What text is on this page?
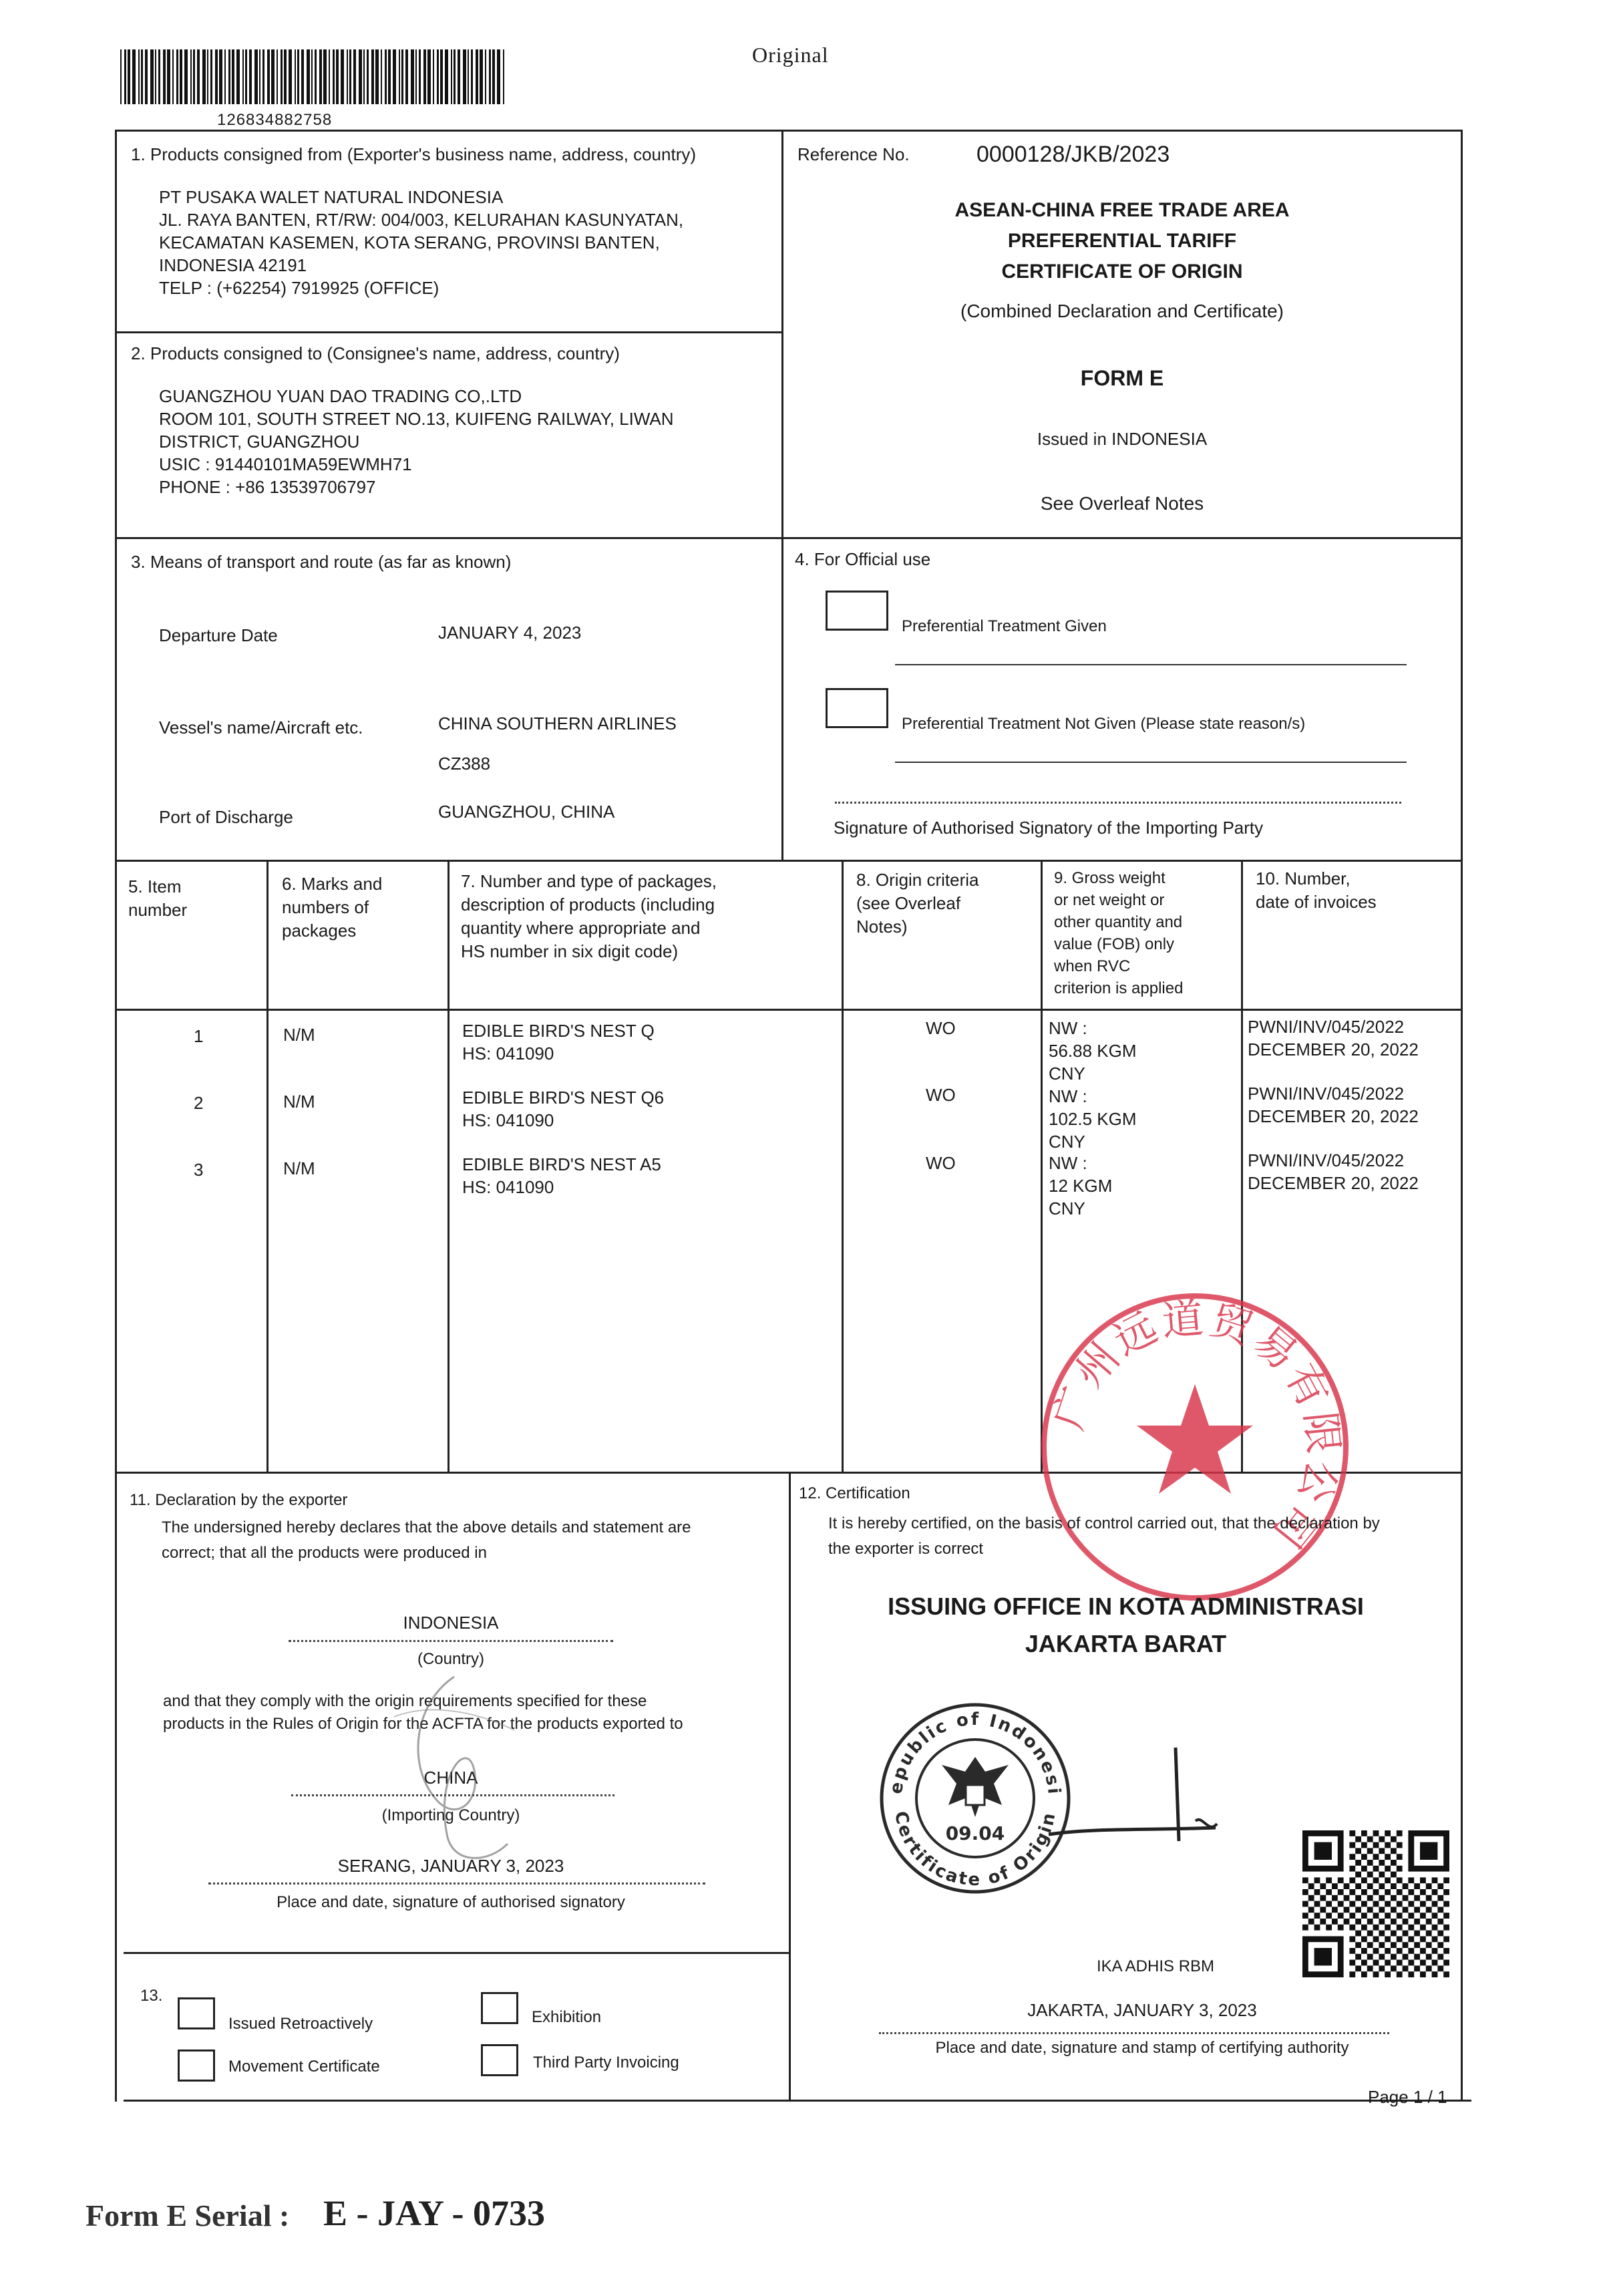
126834882758
Original
1. Products consigned from (Exporter's business name, address, country)
PT PUSAKA WALET NATURAL INDONESIA
JL. RAYA BANTEN, RT/RW: 004/003, KELURAHAN KASUNYATAN,
KECAMATAN KASEMEN, KOTA SERANG, PROVINSI BANTEN,
INDONESIA 42191
TELP : (+62254) 7919925 (OFFICE)
Reference No.	0000128/JKB/2023
ASEAN-CHINA FREE TRADE AREA
PREFERENTIAL TARIFF
CERTIFICATE OF ORIGIN
(Combined Declaration and Certificate)
FORM E
Issued in INDONESIA
See Overleaf Notes
2. Products consigned to (Consignee's name, address, country)
GUANGZHOU YUAN DAO TRADING CO,.LTD
ROOM 101, SOUTH STREET NO.13, KUIFENG RAILWAY, LIWAN
DISTRICT, GUANGZHOU
USIC : 91440101MA59EWMH71
PHONE : +86 13539706797
3. Means of transport and route (as far as known)
Departure Date	JANUARY 4, 2023
Vessel's name/Aircraft etc.	CHINA SOUTHERN AIRLINES
CZ388
Port of Discharge	GUANGZHOU, CHINA
4. For Official use
Preferential Treatment Given
Preferential Treatment Not Given (Please state reason/s)
Signature of Authorised Signatory of the Importing Party
5. Item
number
6. Marks and
numbers of
packages
7. Number and type of packages,
description of products (including
quantity where appropriate and
HS number in six digit code)
8. Origin criteria
(see Overleaf
Notes)
9. Gross weight
or net weight or
other quantity and
value (FOB) only
when RVC
criterion is applied
10. Number,
date of invoices
1	N/M	EDIBLE BIRD'S NEST Q
HS: 041090
WO	NW :
56.88 KGM
CNY
PWNI/INV/045/2022
DECEMBER 20, 2022
2	N/M	EDIBLE BIRD'S NEST Q6
HS: 041090
WO	NW :
102.5 KGM
CNY
PWNI/INV/045/2022
DECEMBER 20, 2022
3	N/M	EDIBLE BIRD'S NEST A5
HS: 041090
WO	NW :
12 KGM
CNY
PWNI/INV/045/2022
DECEMBER 20, 2022
广州远道贸易有限公司
11. Declaration by the exporter
The undersigned hereby declares that the above details and statement are
correct; that all the products were produced in
INDONESIA
(Country)
and that they comply with the origin requirements specified for these
products in the Rules of Origin for the ACFTA for the products exported to
CHINA
(Importing Country)
SERANG, JANUARY 3, 2023
Place and date, signature of authorised signatory
12. Certification
It is hereby certified, on the basis of control carried out, that the declaration by
the exporter is correct
ISSUING OFFICE IN KOTA ADMINISTRASI
JAKARTA BARAT
epublic of Indonesi
Certificate of Origin
09.04
IKA ADHIS RBM
JAKARTA, JANUARY 3, 2023
Place and date, signature and stamp of certifying authority
13.
Issued Retroactively	Exhibition
Movement Certificate	Third Party Invoicing
Page 1 / 1
Form E Serial : E - JAY - 0733
